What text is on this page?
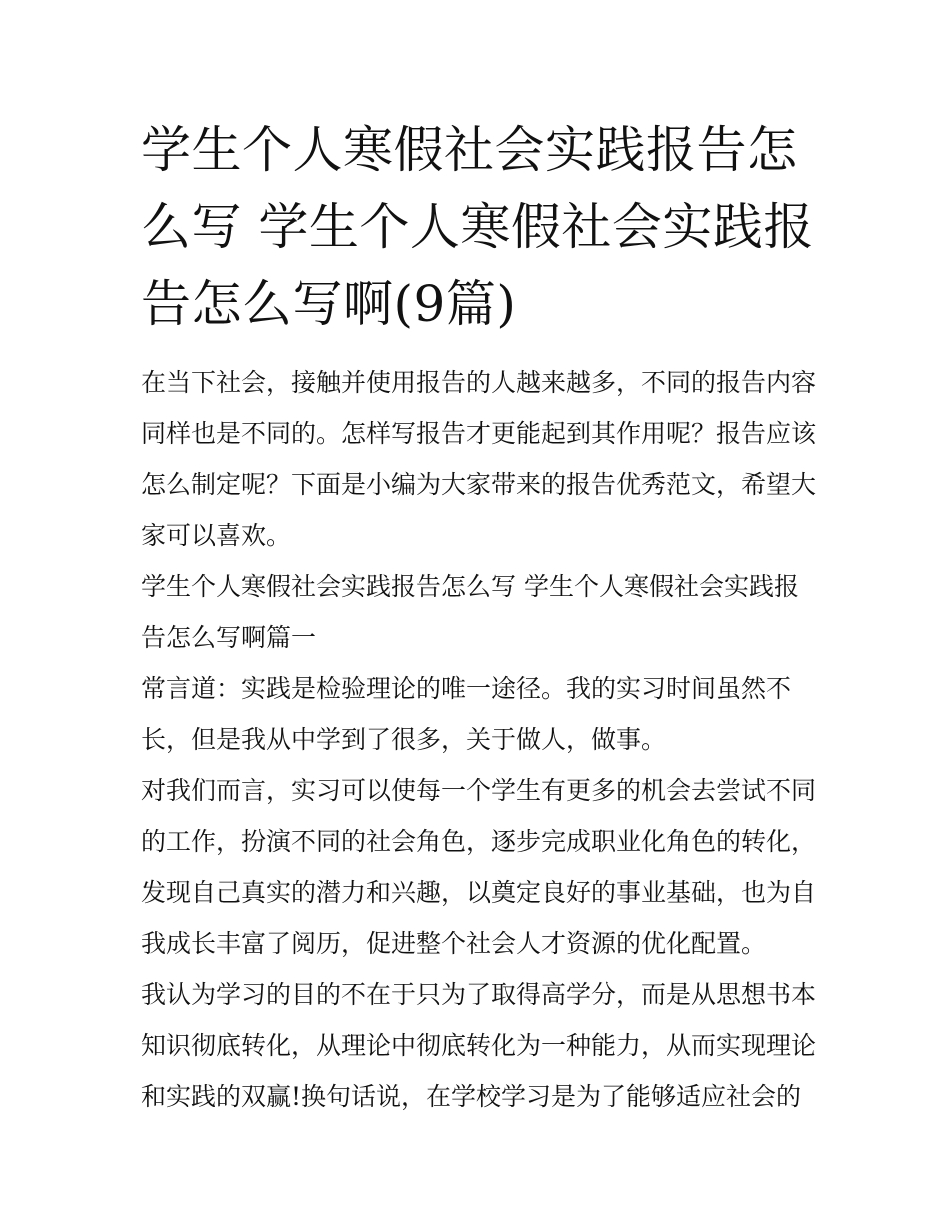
学生个人寒假社会实践报告怎么写 学生个人寒假社会实践报告怎么写啊(9篇)

在当下社会，接触并使用报告的人越来越多，不同的报告内容同样也是不同的。怎样写报告才更能起到其作用呢？报告应该怎么制定呢？下面是小编为大家带来的报告优秀范文，希望大家可以喜欢。

学生个人寒假社会实践报告怎么写 学生个人寒假社会实践报告怎么写啊篇一

常言道：实践是检验理论的唯一途径。我的实习时间虽然不长，但是我从中学到了很多，关于做人，做事。

对我们而言，实习可以使每一个学生有更多的机会去尝试不同的工作，扮演不同的社会角色，逐步完成职业化角色的转化，发现自己真实的潜力和兴趣，以奠定良好的事业基础，也为自我成长丰富了阅历，促进整个社会人才资源的优化配置。

我认为学习的目的不在于只为了取得高学分，而是从思想书本知识彻底转化，从理论中彻底转化为一种能力，从而实现理论和实践的双赢!换句话说，在学校学习是为了能够适应社会的
